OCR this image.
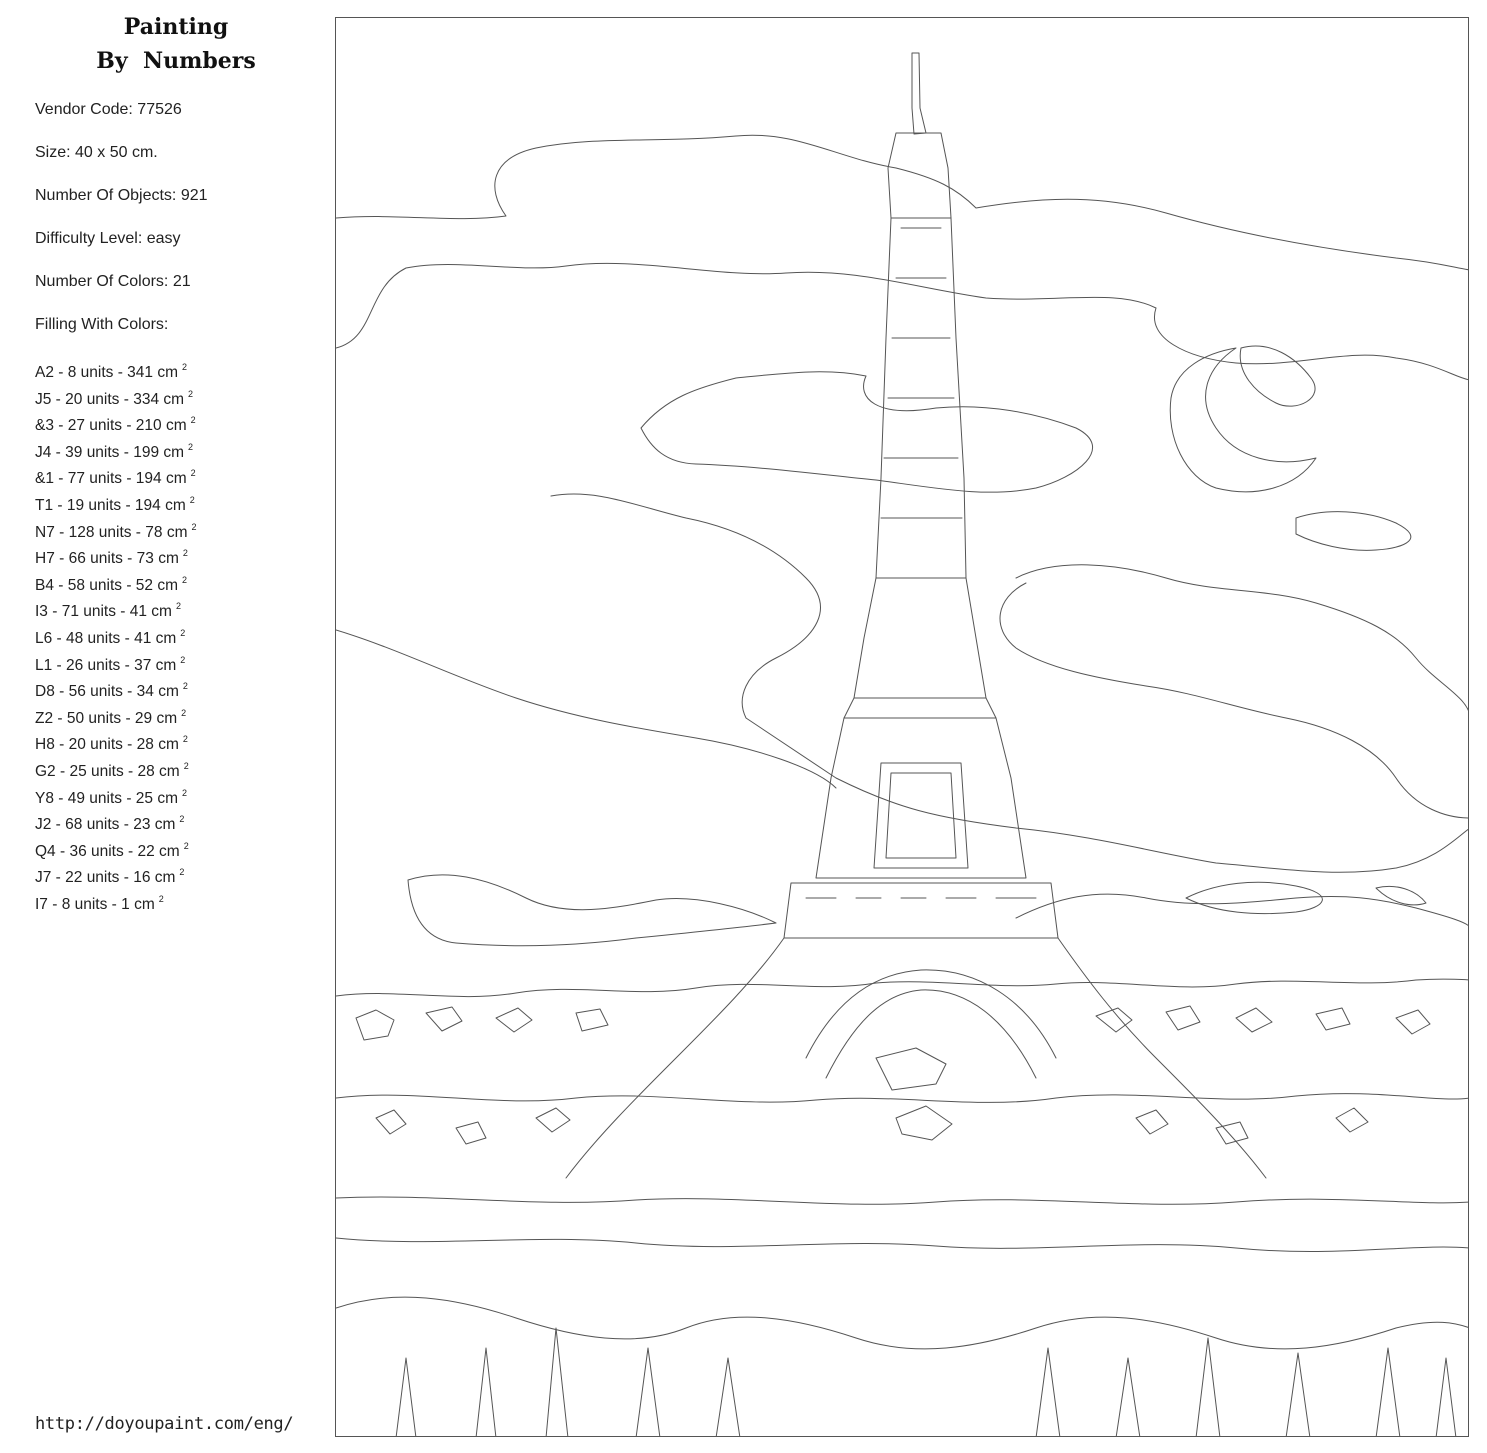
Painting
By  Numbers
Vendor Code: 77526
Size: 40 x 50 cm.
Number Of Objects: 921
Difficulty Level: easy
Number Of Colors: 21
Filling With Colors:
A2 - 8 units - 341 cm $^2$
J5 - 20 units - 334 cm $^2$
&3 - 27 units - 210 cm $^2$
J4 - 39 units - 199 cm $^2$
&1 - 77 units - 194 cm $^2$
T1 - 19 units - 194 cm $^2$
N7 - 128 units - 78 cm $^2$
H7 - 66 units - 73 cm $^2$
B4 - 58 units - 52 cm $^2$
I3 - 71 units - 41 cm $^2$
L6 - 48 units - 41 cm $^2$
L1 - 26 units - 37 cm $^2$
D8 - 56 units - 34 cm $^2$
Z2 - 50 units - 29 cm $^2$
H8 - 20 units - 28 cm $^2$
G2 - 25 units - 28 cm $^2$
Y8 - 49 units - 25 cm $^2$
J2 - 68 units - 23 cm $^2$
Q4 - 36 units - 22 cm $^2$
J7 - 22 units - 16 cm $^2$
I7 - 8 units - 1 cm $^2$
http://doyoupaint.com/eng/
